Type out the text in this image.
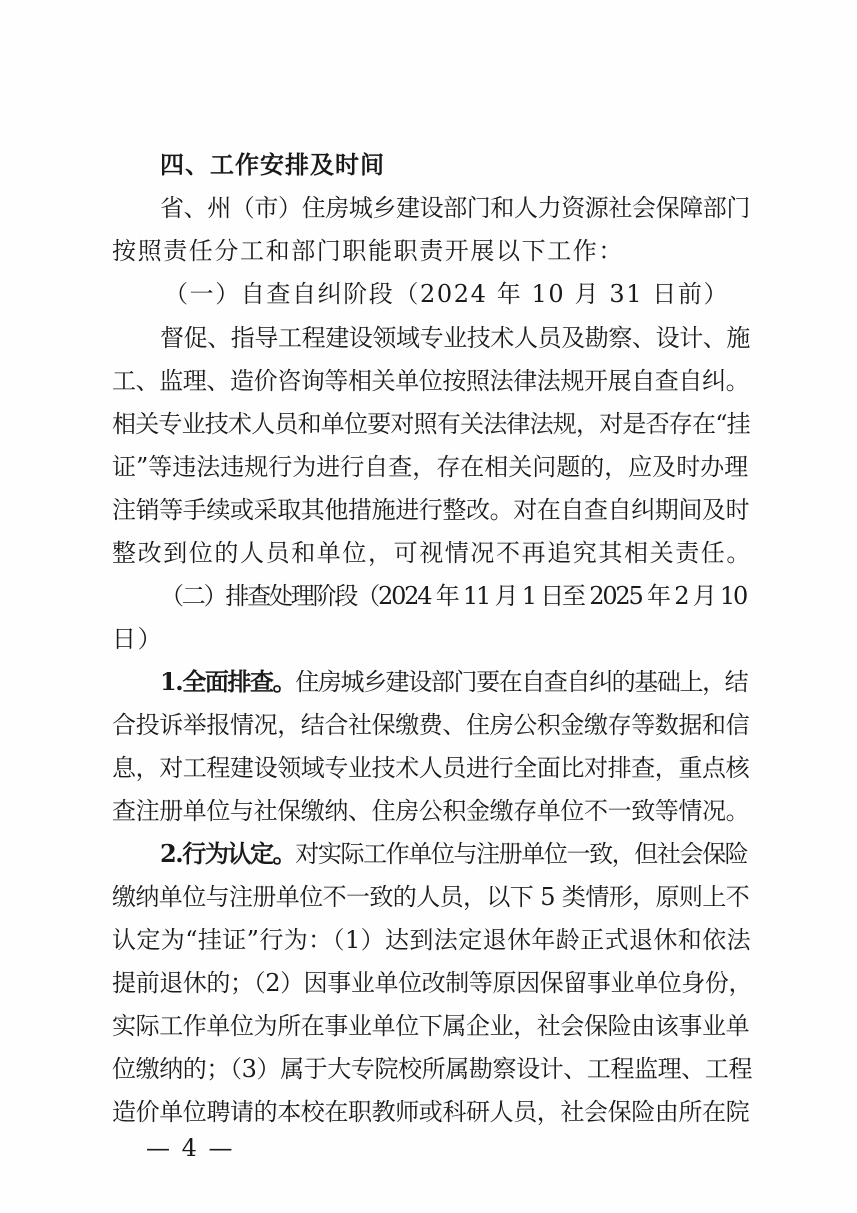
四、工作安排及时间
省、州（市）住房城乡建设部门和人力资源社会保障部门
按照责任分工和部门职能职责开展以下工作：
（一）自查自纠阶段（2024 年 10 月 31 日前）
督促、指导工程建设领域专业技术人员及勘察、设计、施
工、监理、造价咨询等相关单位按照法律法规开展自查自纠。
相关专业技术人员和单位要对照有关法律法规，对是否存在“挂
证”等违法违规行为进行自查，存在相关问题的，应及时办理
注销等手续或采取其他措施进行整改。对在自查自纠期间及时
整改到位的人员和单位，可视情况不再追究其相关责任。
（二）排查处理阶段（2024 年 11 月 1 日至 2025 年 2 月 10
日）
1.全面排查。住房城乡建设部门要在自查自纠的基础上，结
合投诉举报情况，结合社保缴费、住房公积金缴存等数据和信
息，对工程建设领域专业技术人员进行全面比对排查，重点核
查注册单位与社保缴纳、住房公积金缴存单位不一致等情况。
2.行为认定。对实际工作单位与注册单位一致，但社会保险
缴纳单位与注册单位不一致的人员，以下 5 类情形，原则上不
认定为“挂证”行为：（1）达到法定退休年龄正式退休和依法
提前退休的；（2）因事业单位改制等原因保留事业单位身份，
实际工作单位为所在事业单位下属企业，社会保险由该事业单
位缴纳的；（3）属于大专院校所属勘察设计、工程监理、工程
造价单位聘请的本校在职教师或科研人员，社会保险由所在院
— 4 —
